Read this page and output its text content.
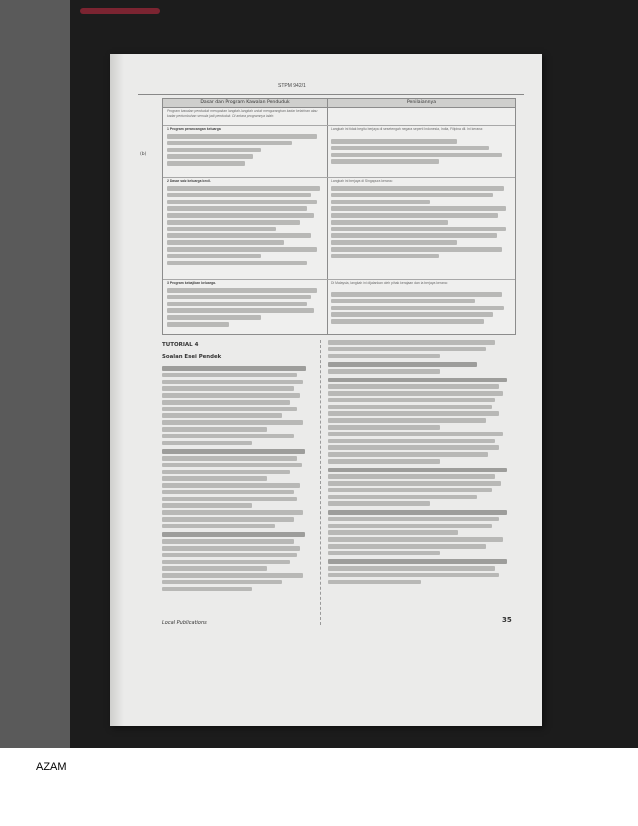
STPM 942/1
(b)
Dasar dan Program Kawalan Penduduk	Penilaiannya
Program kawalan penduduk merupakan langkah-langkah untuk mengurangkan kadar kelahiran atau kadar pertumbuhan semula jadi penduduk. Di antara programnya ialah:
1 Program perancangan keluarga	Langkah ini tidak begitu berjaya di sesetengah negara seperti Indonesia, India, Filipina dll. Ini kerana:
2 Dasar saiz keluarga kecil.	Langkah ini berjaya di Singapura kerana:
3 Program kebajikan keluarga.	Di Malaysia, langkah ini dijalankan oleh pihak kerajaan dan ia berjaya kerana:
TUTORIAL 4
Soalan Esei Pendek
Local Publications	35
AZAM
